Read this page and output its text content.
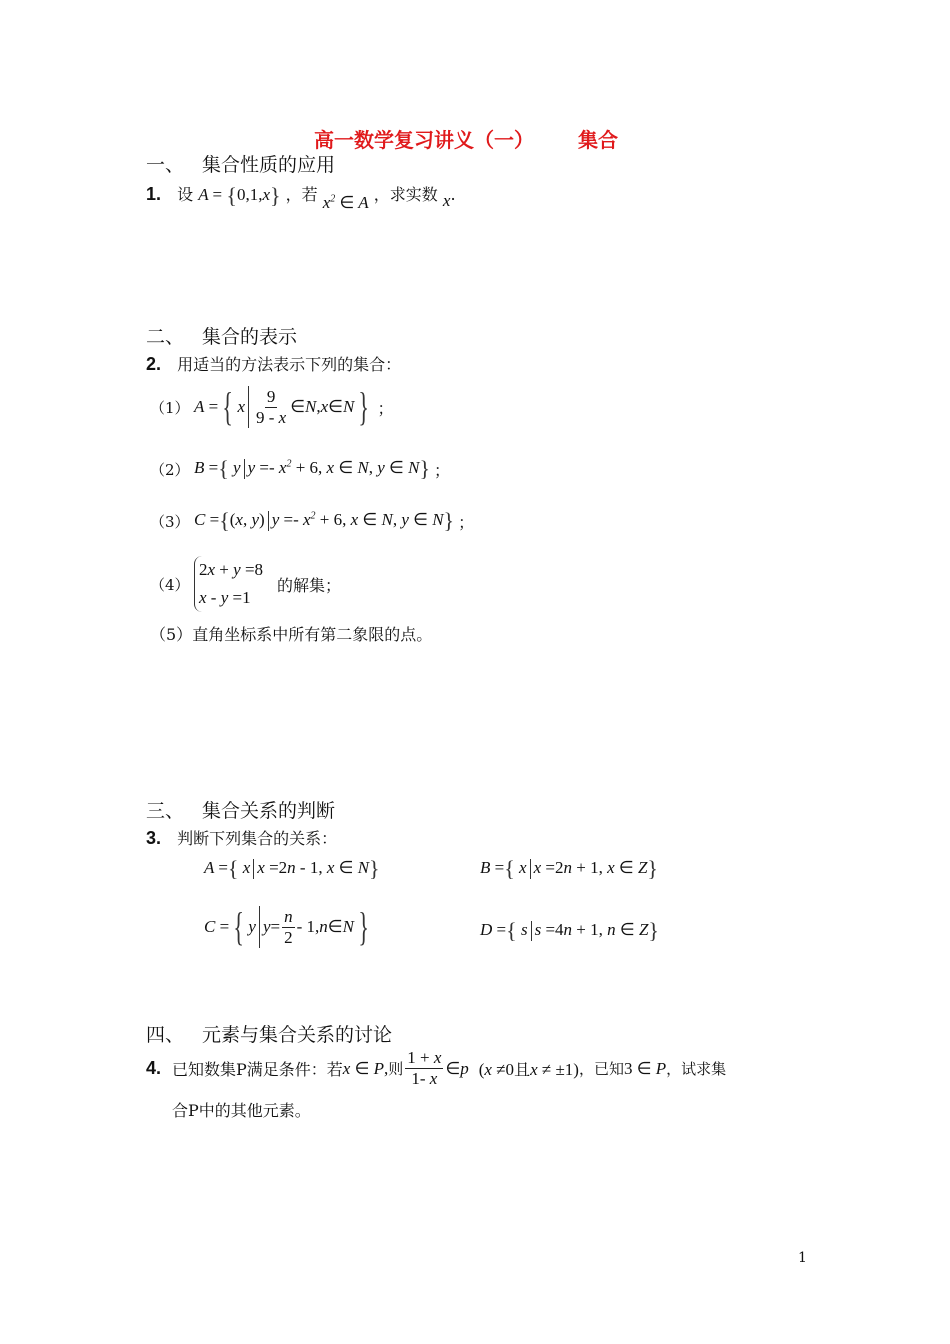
高一数学复习讲义（一） 集合
一、 集合性质的应用
1. 设 A = {0,1,x} ，若 $x^2$ ∈ A ，求实数 x.
二、 集合的表示
2. 用适当的方法表示下列的集合：
（1） A = { x $\frac{9}{9 - x}$ ∈ N , x ∈ N } ；
（2） B ={ y $y =- x^2 + 6$, x ∈ N, y ∈ N} ；
（3） C ={(x, y) $y =- x^2 + 6$, x ∈ N, y ∈ N} ；
（4）
2x + y =8
x - y =1
的解集；
（5）直角坐标系中所有第二象限的点。
三、 集合关系的判断
3. 判断下列集合的关系：
A ={ x x =2n - 1, x ∈ N}	B ={ x x =2n + 1, x ∈ Z}
C = { y $y = \frac{n}{2} - 1$, n ∈ N }	D ={ s s =4n + 1, n ∈ Z}
四、 元素与集合关系的讨论
4. 已知数集P满足条件：若 x ∈ P, 则 $\frac{1 + x}{1- x}$ ∈ p (x ≠0且x ≠ ±1) ，已知 3 ∈ P ，试求集
合P中的其他元素。
1
